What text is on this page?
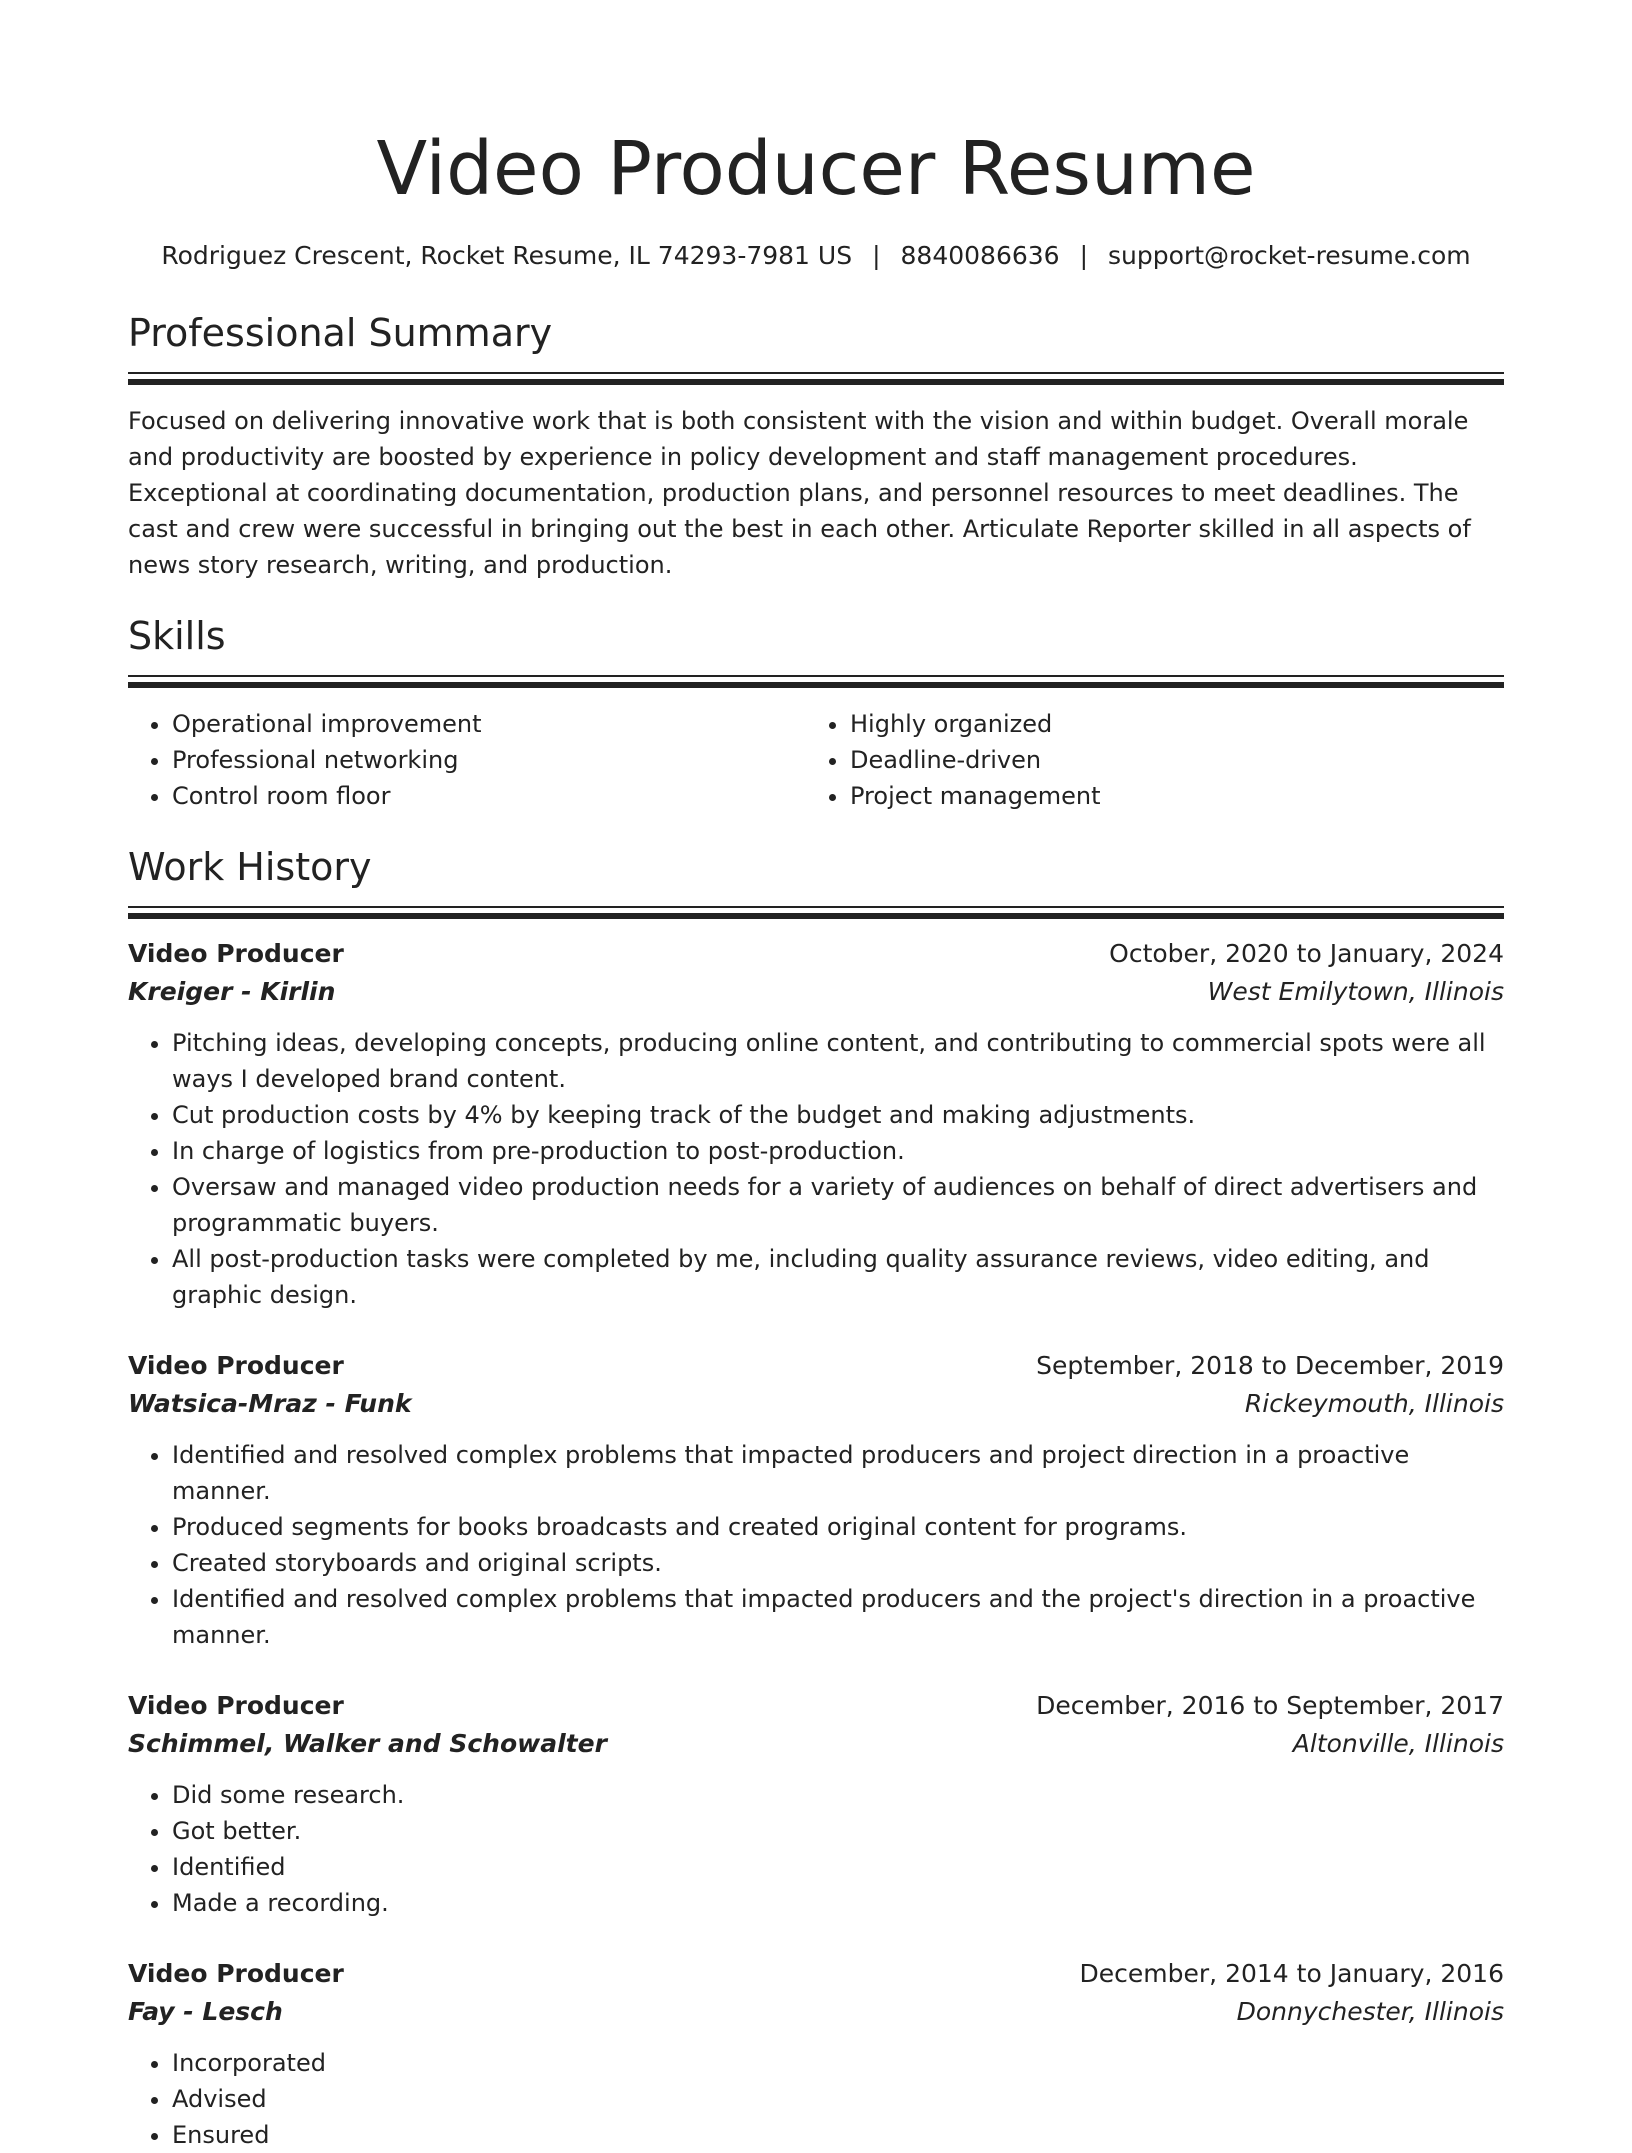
Video Producer Resume
Rodriguez Crescent, Rocket Resume, IL 74293-7981 US | 8840086636 | support@rocket-resume.com
Professional Summary
Focused on delivering innovative work that is both consistent with the vision and within budget. Overall morale and productivity are boosted by experience in policy development and staff management procedures. Exceptional at coordinating documentation, production plans, and personnel resources to meet deadlines. The cast and crew were successful in bringing out the best in each other. Articulate Reporter skilled in all aspects of news story research, writing, and production.
Skills
• Operational improvement
• Professional networking
• Control room floor
• Highly organized
• Deadline-driven
• Project management
Work History
Video Producer	October, 2020 to January, 2024
Kreiger - Kirlin	West Emilytown, Illinois
• Pitching ideas, developing concepts, producing online content, and contributing to commercial spots were all ways I developed brand content.
• Cut production costs by 4% by keeping track of the budget and making adjustments.
• In charge of logistics from pre-production to post-production.
• Oversaw and managed video production needs for a variety of audiences on behalf of direct advertisers and programmatic buyers.
• All post-production tasks were completed by me, including quality assurance reviews, video editing, and graphic design.
Video Producer	September, 2018 to December, 2019
Watsica-Mraz - Funk	Rickeymouth, Illinois
• Identified and resolved complex problems that impacted producers and project direction in a proactive manner.
• Produced segments for books broadcasts and created original content for programs.
• Created storyboards and original scripts.
• Identified and resolved complex problems that impacted producers and the project's direction in a proactive manner.
Video Producer	December, 2016 to September, 2017
Schimmel, Walker and Schowalter	Altonville, Illinois
• Did some research.
• Got better.
• Identified
• Made a recording.
Video Producer	December, 2014 to January, 2016
Fay - Lesch	Donnychester, Illinois
• Incorporated
• Advised
• Ensured
